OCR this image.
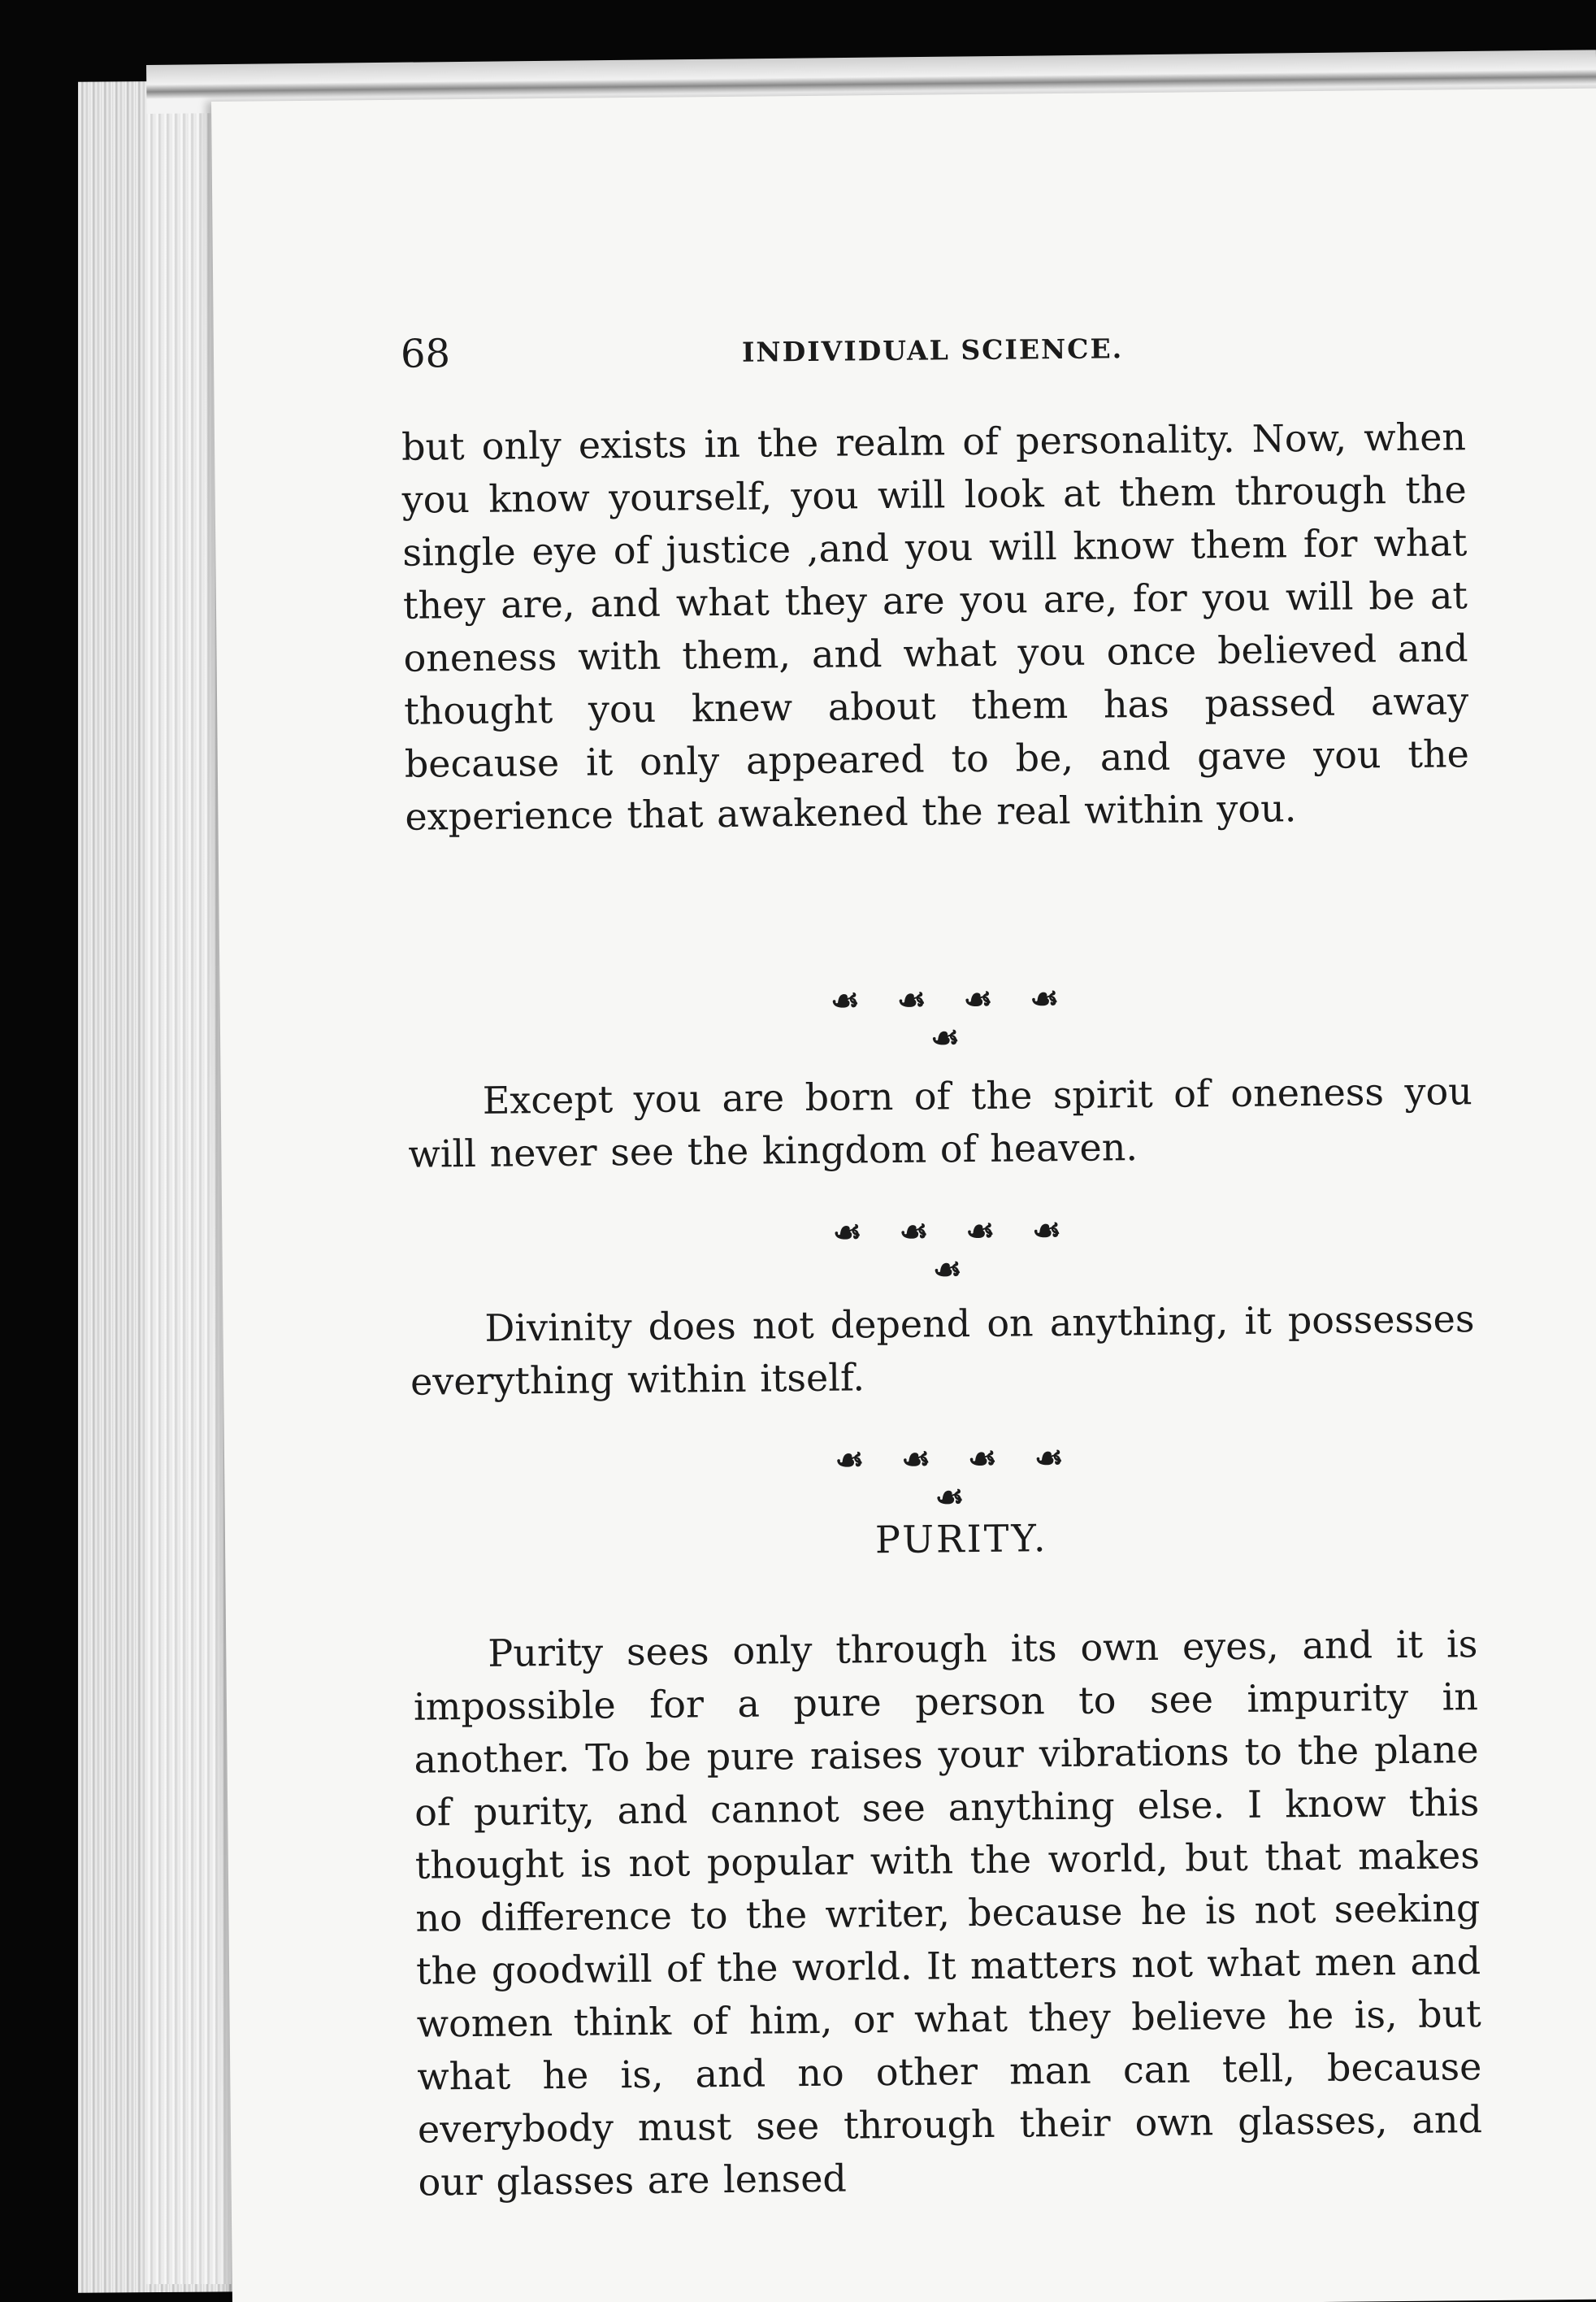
68	INDIVIDUAL SCIENCE.

but only exists in the realm of personality. Now, when you know yourself, you will look at them through the single eye of justice ,and you will know them for what they are, and what they are you are, for you will be at oneness with them, and what you once believed and thought you knew about them has passed away because it only appeared to be, and gave you the experience that awakened the real within you.

☙ ☙ ☙ ☙ ☙

Except you are born of the spirit of oneness you will never see the kingdom of heaven.

☙ ☙ ☙ ☙ ☙

Divinity does not depend on anything, it possesses everything within itself.

☙ ☙ ☙ ☙ ☙
PURITY.

Purity sees only through its own eyes, and it is impossible for a pure person to see impurity in another. To be pure raises your vibrations to the plane of purity, and cannot see anything else. I know this thought is not popular with the world, but that makes no difference to the writer, because he is not seeking the goodwill of the world. It matters not what men and women think of him, or what they believe he is, but what he is, and no other man can tell, because everybody must see through their own glasses, and our glasses are lensed
